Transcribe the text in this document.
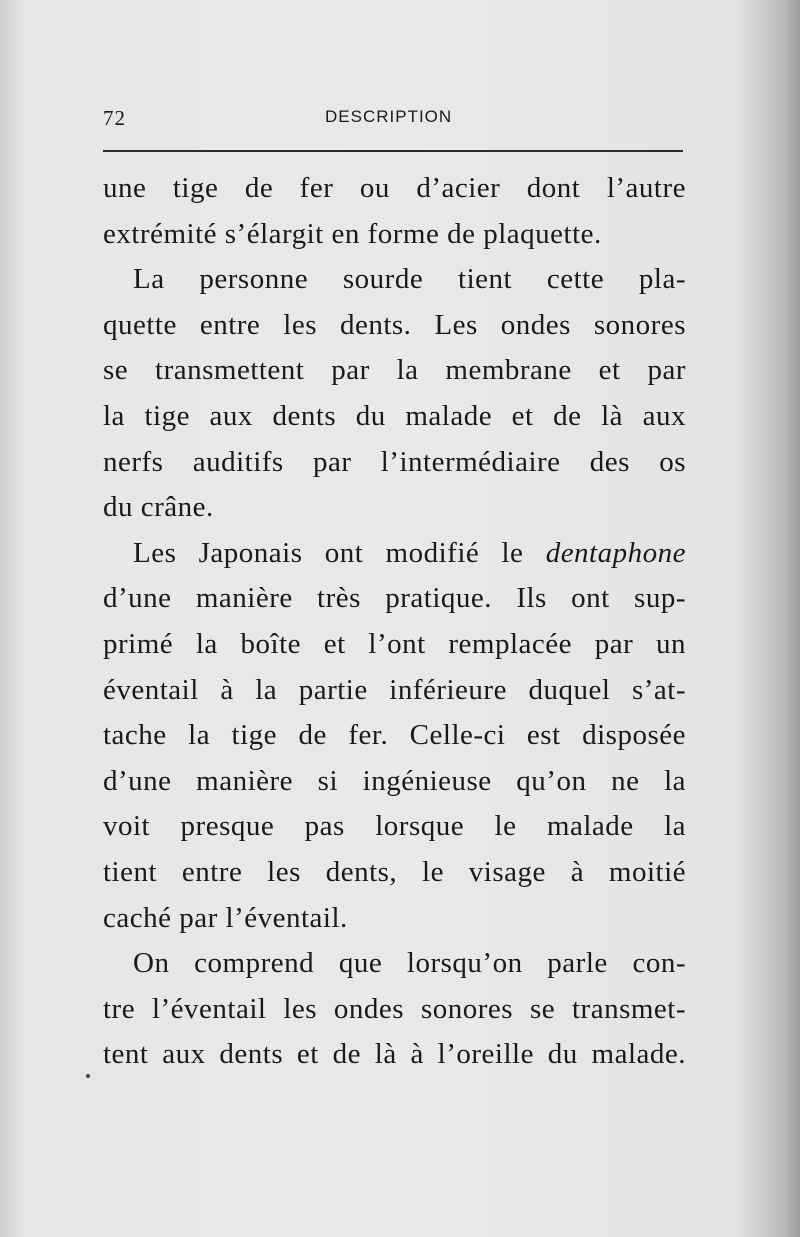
72	DESCRIPTION
une tige de fer ou d’acier dont l’autre
extrémité s’élargit en forme de plaquette.
La personne sourde tient cette pla-
quette entre les dents. Les ondes sonores
se transmettent par la membrane et par
la tige aux dents du malade et de là aux
nerfs auditifs par l’intermédiaire des os
du crâne.
Les Japonais ont modifié le dentaphone
d’une manière très pratique. Ils ont sup-
primé la boîte et l’ont remplacée par un
éventail à la partie inférieure duquel s’at-
tache la tige de fer. Celle-ci est disposée
d’une manière si ingénieuse qu’on ne la
voit presque pas lorsque le malade la
tient entre les dents, le visage à moitié
caché par l’éventail.
On comprend que lorsqu’on parle con-
tre l’éventail les ondes sonores se transmet-
tent aux dents et de là à l’oreille du malade.
